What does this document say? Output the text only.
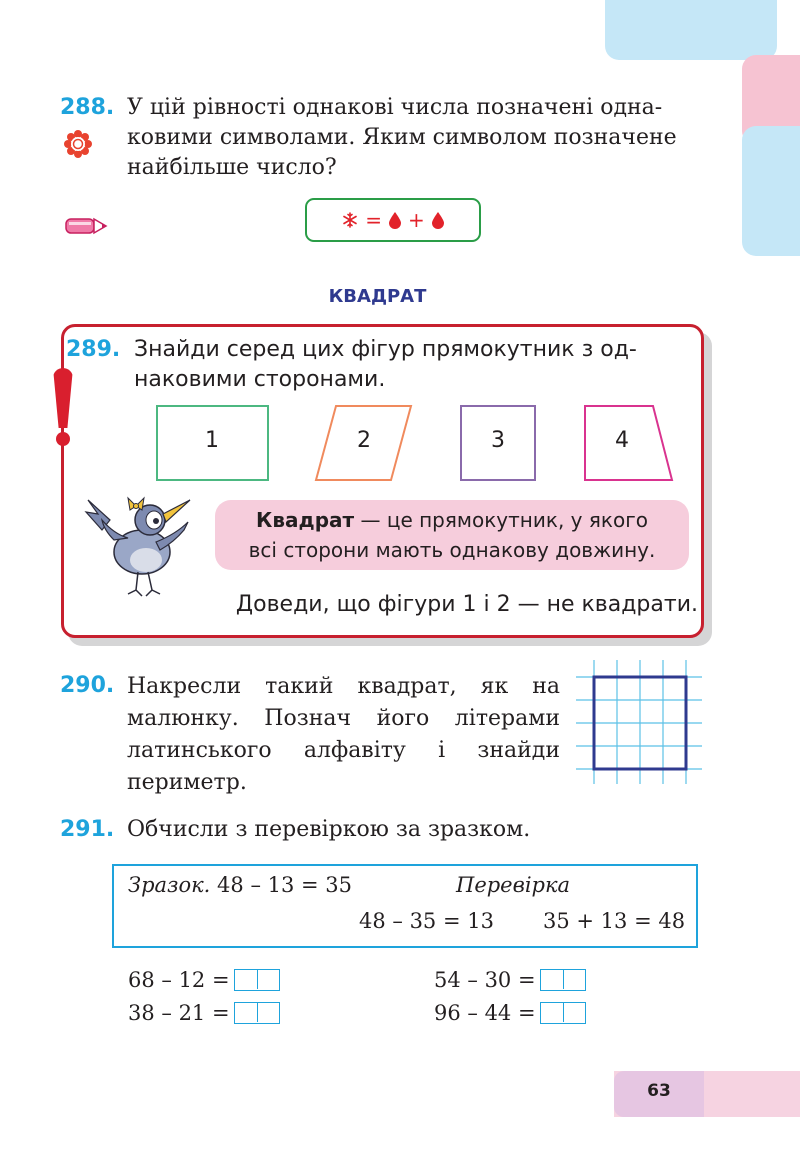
288. У цій рівності однакові числа позначені одна-
ковими символами. Яким символом позначене
найбільше число?
= +
КВАДРАТ
289. Знайди серед цих фігур прямокутник з од-
наковими сторонами.
1	2	3	4
Квадрат — це прямокутник, у якого
всі сторони мають однакову довжину.
Доведи, що фігури 1 і 2 — не квадрати.
290. Накресли такий квадрат, як на
малюнку. Познач його літерами
латинського алфавіту і знайди
периметр.
291. Обчисли з перевіркою за зразком.
Зразок. 48 – 13 = 35	Перевірка
48 – 35 = 13 35 + 13 = 48
68 – 12 =
38 – 21 =
54 – 30 =
96 – 44 =
63
